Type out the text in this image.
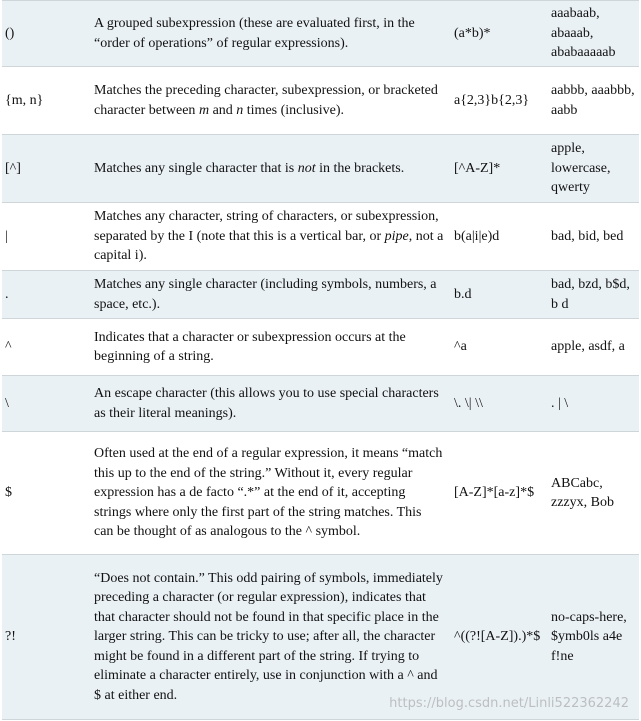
()	A grouped subexpression (these are evaluated first, in the “order of operations” of regular expressions).	(a*b)*	aaabaab, abaaab, ababaaaaab
{m, n}	Matches the preceding character, subexpression, or bracketed character between m and n times (inclusive).	a{2,3}b{2,3}	aabbb, aaabbb, aabb
[^]	Matches any single character that is not in the brackets.	[^A-Z]*	apple, lowercase, qwerty
|	Matches any character, string of characters, or subexpression, separated by the I (note that this is a vertical bar, or pipe, not a capital i).	b(a|i|e)d	bad, bid, bed
.	Matches any single character (including symbols, numbers, a space, etc.).	b.d	bad, bzd, b$d, b d
^	Indicates that a character or subexpression occurs at the beginning of a string.	^a	apple, asdf, a
\	An escape character (this allows you to use special characters as their literal meanings).	\. \| \\	. | \
$	Often used at the end of a regular expression, it means “match this up to the end of the string.” Without it, every regular expression has a de facto “.*” at the end of it, accepting strings where only the first part of the string matches. This can be thought of as analogous to the ^ symbol.	[A-Z]*[a-z]*$	ABCabc, zzzyx, Bob
?!	“Does not contain.” This odd pairing of symbols, immediately preceding a character (or regular expression), indicates that that character should not be found in that specific place in the larger string. This can be tricky to use; after all, the character might be found in a different part of the string. If trying to eliminate a character entirely, use in conjunction with a ^ and $ at either end.	^((?![A-Z]).)*$	no-caps-here, $ymb0ls a4e f!ne
https://blog.csdn.net/Linli522362242
